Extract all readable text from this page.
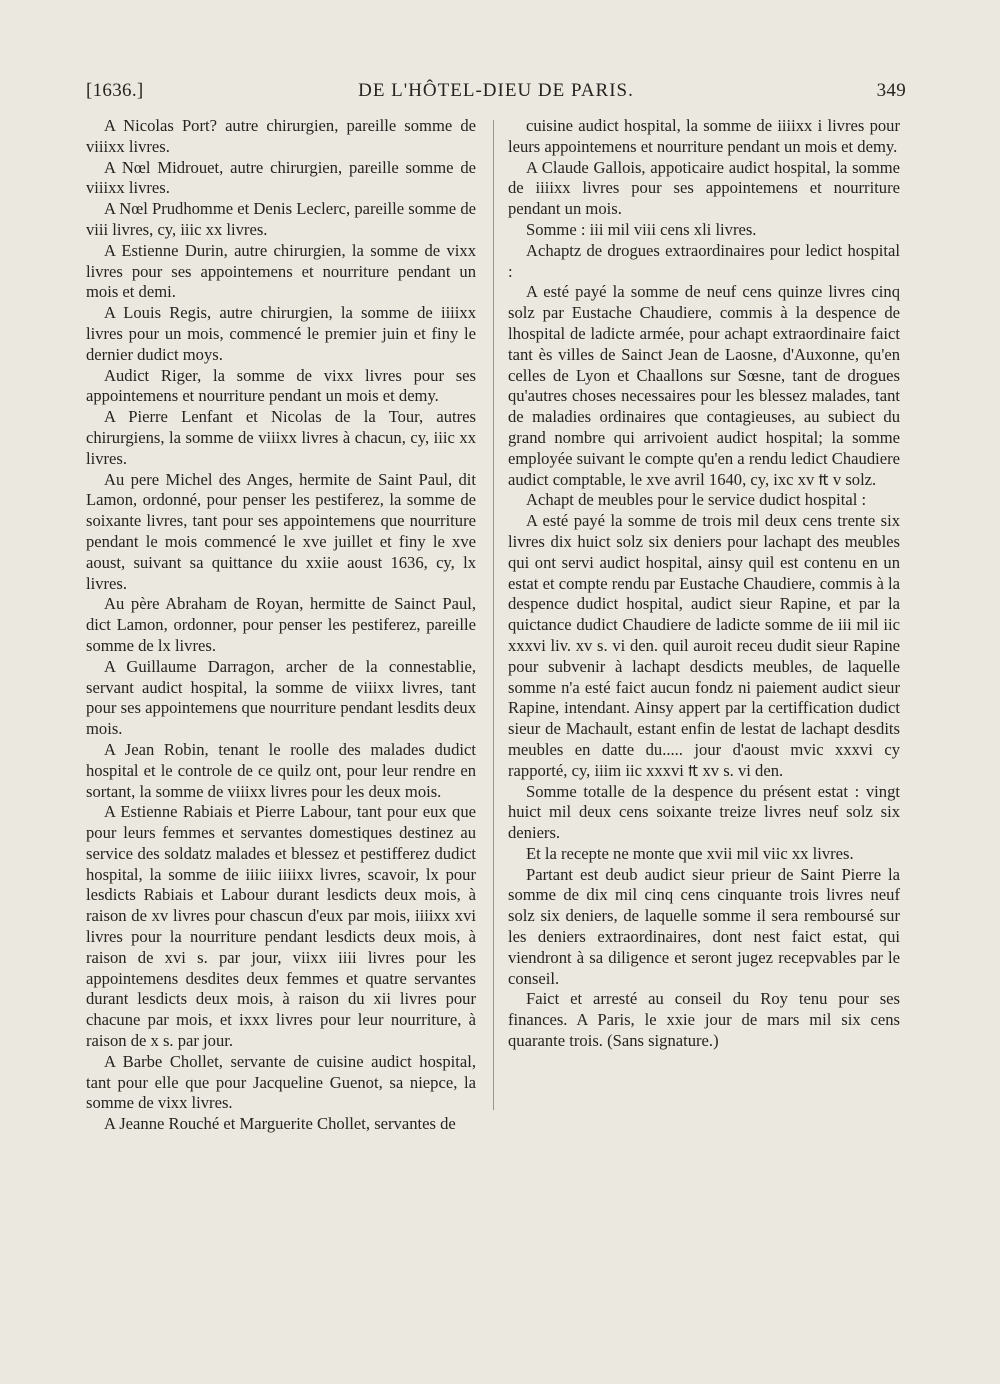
[1636.]	DE L'HÔTEL-DIEU DE PARIS.	349

A Nicolas Port? autre chirurgien, pareille somme de viiixx livres.

A Nœl Midrouet, autre chirurgien, pareille somme de viiixx livres.

A Nœl Prudhomme et Denis Leclerc, pareille somme de viii livres, cy, iiic xx livres.

A Estienne Durin, autre chirurgien, la somme de vixx livres pour ses appointemens et nourriture pendant un mois et demi.

A Louis Regis, autre chirurgien, la somme de iiiixx livres pour un mois, commencé le premier juin et finy le dernier dudict moys.

Audict Riger, la somme de vixx livres pour ses appointemens et nourriture pendant un mois et demy.

A Pierre Lenfant et Nicolas de la Tour, autres chirurgiens, la somme de viiixx livres à chacun, cy, iiic xx livres.

Au pere Michel des Anges, hermite de Saint Paul, dit Lamon, ordonné, pour penser les pestiferez, la somme de soixante livres, tant pour ses appointemens que nourriture pendant le mois commencé le xve juillet et finy le xve aoust, suivant sa quittance du xxiie aoust 1636, cy, lx livres.

Au père Abraham de Royan, hermitte de Sainct Paul, dict Lamon, ordonner, pour penser les pestiferez, pareille somme de lx livres.

A Guillaume Darragon, archer de la connestablie, servant audict hospital, la somme de viiixx livres, tant pour ses appointemens que nourriture pendant lesdits deux mois.

A Jean Robin, tenant le roolle des malades dudict hospital et le controle de ce quilz ont, pour leur rendre en sortant, la somme de viiixx livres pour les deux mois.

A Estienne Rabiais et Pierre Labour, tant pour eux que pour leurs femmes et servantes domestiques destinez au service des soldatz malades et blessez et pestifferez dudict hospital, la somme de iiiic iiiixx livres, scavoir, lx pour lesdicts Rabiais et Labour durant lesdicts deux mois, à raison de xv livres pour chascun d'eux par mois, iiiixx xvi livres pour la nourriture pendant lesdicts deux mois, à raison de xvi s. par jour, viixx iiii livres pour les appointemens desdites deux femmes et quatre servantes durant lesdicts deux mois, à raison du xii livres pour chacune par mois, et ixxx livres pour leur nourriture, à raison de x s. par jour.

A Barbe Chollet, servante de cuisine audict hospital, tant pour elle que pour Jacqueline Guenot, sa niepce, la somme de vixx livres.

A Jeanne Rouché et Marguerite Chollet, servantes de

cuisine audict hospital, la somme de iiiixx i livres pour leurs appointemens et nourriture pendant un mois et demy.

A Claude Gallois, appoticaire audict hospital, la somme de iiiixx livres pour ses appointemens et nourriture pendant un mois.

Somme : iii mil viii cens xli livres.

Achaptz de drogues extraordinaires pour ledict hospital :

A esté payé la somme de neuf cens quinze livres cinq solz par Eustache Chaudiere, commis à la despence de lhospital de ladicte armée, pour achapt extraordinaire faict tant ès villes de Sainct Jean de Laosne, d'Auxonne, qu'en celles de Lyon et Chaallons sur Sœsne, tant de drogues qu'autres choses necessaires pour les blessez malades, tant de maladies ordinaires que contagieuses, au subiect du grand nombre qui arrivoient audict hospital; la somme employée suivant le compte qu'en a rendu ledict Chaudiere audict comptable, le xve avril 1640, cy, ixc xv ₶ v solz.

Achapt de meubles pour le service dudict hospital :

A esté payé la somme de trois mil deux cens trente six livres dix huict solz six deniers pour lachapt des meubles qui ont servi audict hospital, ainsy quil est contenu en un estat et compte rendu par Eustache Chaudiere, commis à la despence dudict hospital, audict sieur Rapine, et par la quictance dudict Chaudiere de ladicte somme de iii mil iic xxxvi liv. xv s. vi den. quil auroit receu dudit sieur Rapine pour subvenir à lachapt desdicts meubles, de laquelle somme n'a esté faict aucun fondz ni paiement audict sieur Rapine, intendant. Ainsy appert par la certiffication dudict sieur de Machault, estant enfin de lestat de lachapt desdits meubles en datte du..... jour d'aoust mvic xxxvi cy rapporté, cy, iiim iic xxxvi ₶ xv s. vi den.

Somme totalle de la despence du présent estat : vingt huict mil deux cens soixante treize livres neuf solz six deniers.

Et la recepte ne monte que xvii mil viic xx livres.

Partant est deub audict sieur prieur de Saint Pierre la somme de dix mil cinq cens cinquante trois livres neuf solz six deniers, de laquelle somme il sera remboursé sur les deniers extraordinaires, dont nest faict estat, qui viendront à sa diligence et seront jugez recepvables par le conseil.

Faict et arresté au conseil du Roy tenu pour ses finances. A Paris, le xxie jour de mars mil six cens quarante trois. (Sans signature.)
